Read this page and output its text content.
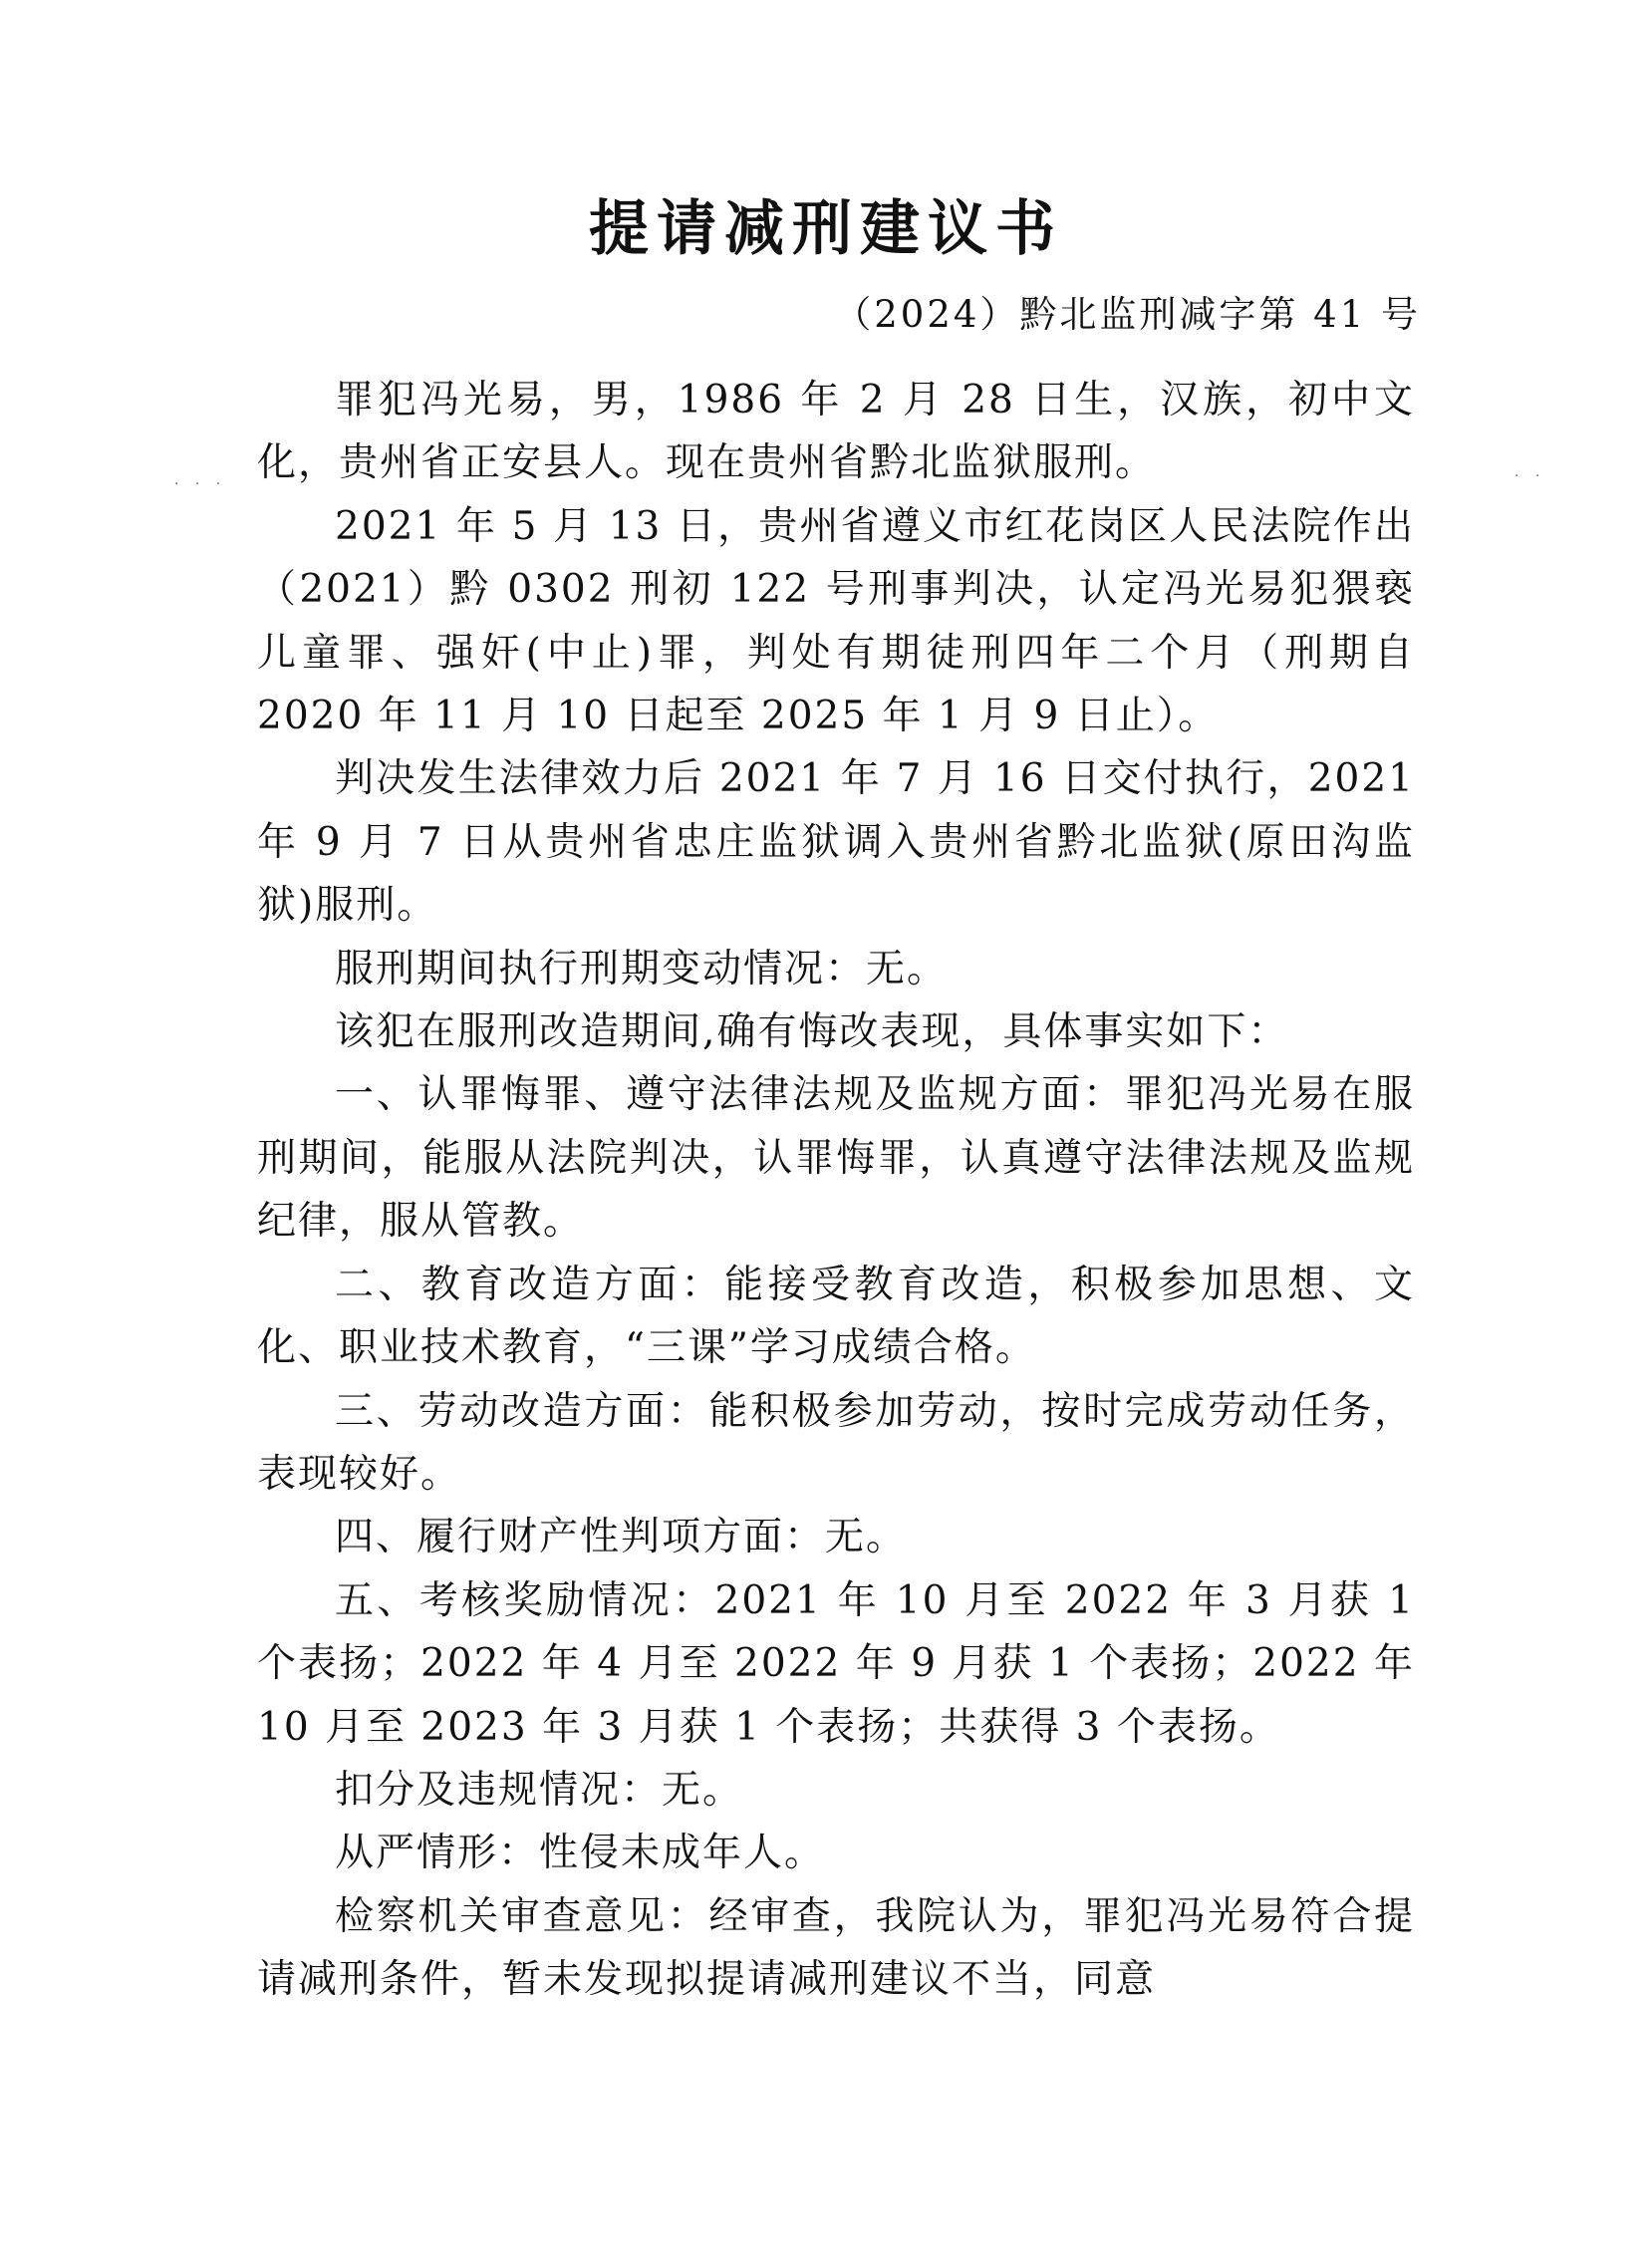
· · ·	· ·
提请减刑建议书

（2024）黔北监刑减字第 41 号

罪犯冯光易，男，1986 年 2 月 28 日生，汉族，初中文化，贵州省正安县人。现在贵州省黔北监狱服刑。

2021 年 5 月 13 日，贵州省遵义市红花岗区人民法院作出（2021）黔 0302 刑初 122 号刑事判决，认定冯光易犯猥亵儿童罪、强奸(中止)罪，判处有期徒刑四年二个月（刑期自 2020 年 11 月 10 日起至 2025 年 1 月 9 日止）。

判决发生法律效力后 2021 年 7 月 16 日交付执行，2021 年 9 月 7 日从贵州省忠庄监狱调入贵州省黔北监狱(原田沟监狱)服刑。

服刑期间执行刑期变动情况：无。

该犯在服刑改造期间,确有悔改表现，具体事实如下：

一、认罪悔罪、遵守法律法规及监规方面：罪犯冯光易在服刑期间，能服从法院判决，认罪悔罪，认真遵守法律法规及监规纪律，服从管教。

二、教育改造方面：能接受教育改造，积极参加思想、文化、职业技术教育，“三课”学习成绩合格。

三、劳动改造方面：能积极参加劳动，按时完成劳动任务，表现较好。

四、履行财产性判项方面：无。

五、考核奖励情况：2021 年 10 月至 2022 年 3 月获 1 个表扬；2022 年 4 月至 2022 年 9 月获 1 个表扬；2022 年 10 月至 2023 年 3 月获 1 个表扬；共获得 3 个表扬。

扣分及违规情况：无。

从严情形：性侵未成年人。

检察机关审查意见：经审查，我院认为，罪犯冯光易符合提请减刑条件，暂未发现拟提请减刑建议不当，同意
